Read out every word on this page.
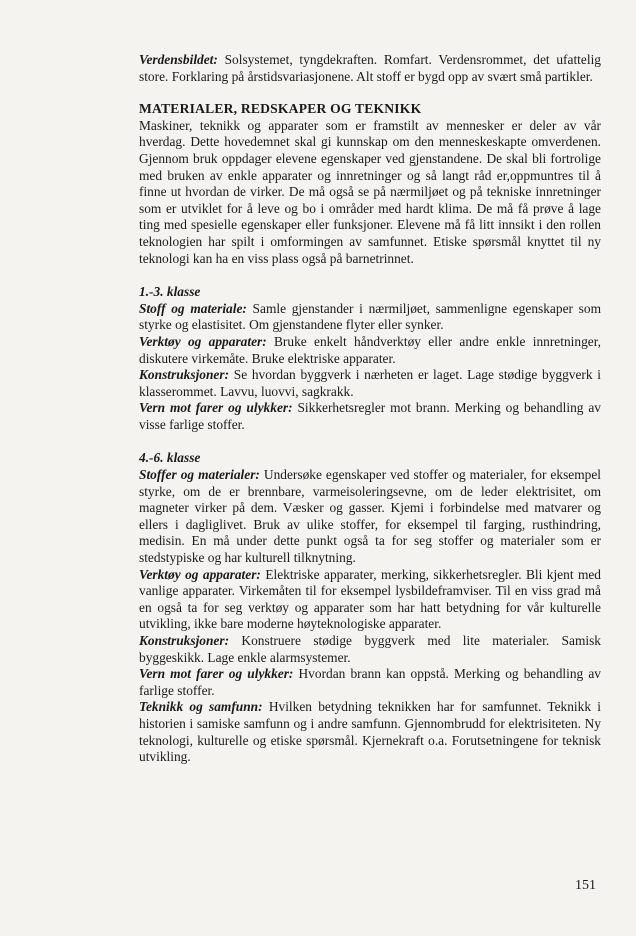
Verdensbildet: Solsystemet, tyngdekraften. Romfart. Verdensrommet, det ufattelig store. Forklaring på årstidsvariasjonene. Alt stoff er bygd opp av svært små partikler.

MATERIALER, REDSKAPER OG TEKNIKK

Maskiner, teknikk og apparater som er framstilt av mennesker er deler av vår hverdag. Dette hovedemnet skal gi kunnskap om den menneskeskapte omverdenen. Gjennom bruk oppdager elevene egenskaper ved gjenstandene. De skal bli fortrolige med bruken av enkle apparater og innretninger og så langt råd er,oppmuntres til å finne ut hvordan de virker. De må også se på nærmiljøet og på tekniske innretninger som er utviklet for å leve og bo i områder med hardt klima. De må få prøve å lage ting med spesielle egenskaper eller funksjoner. Elevene må få litt innsikt i den rollen teknologien har spilt i omformingen av samfunnet. Etiske spørsmål knyttet til ny teknologi kan ha en viss plass også på barnetrinnet.

1.-3. klasse

Stoff og materiale: Samle gjenstander i nærmiljøet, sammenligne egenskaper som styrke og elastisitet. Om gjenstandene flyter eller synker.

Verktøy og apparater: Bruke enkelt håndverktøy eller andre enkle innretninger, diskutere virkemåte. Bruke elektriske apparater.

Konstruksjoner: Se hvordan byggverk i nærheten er laget. Lage stødige byggverk i klasserommet. Lavvu, luovvi, sagkrakk.

Vern mot farer og ulykker: Sikkerhetsregler mot brann. Merking og behandling av visse farlige stoffer.

4.-6. klasse

Stoffer og materialer: Undersøke egenskaper ved stoffer og materialer, for eksempel styrke, om de er brennbare, varmeisoleringsevne, om de leder elektrisitet, om magneter virker på dem. Væsker og gasser. Kjemi i forbindelse med matvarer og ellers i dagliglivet. Bruk av ulike stoffer, for eksempel til farging, rusthindring, medisin. En må under dette punkt også ta for seg stoffer og materialer som er stedstypiske og har kulturell tilknytning.

Verktøy og apparater: Elektriske apparater, merking, sikkerhetsregler. Bli kjent med vanlige apparater. Virkemåten til for eksempel lysbildeframviser. Til en viss grad må en også ta for seg verktøy og apparater som har hatt betydning for vår kulturelle utvikling, ikke bare moderne høyteknologiske apparater.

Konstruksjoner: Konstruere stødige byggverk med lite materialer. Samisk byggeskikk. Lage enkle alarmsystemer.

Vern mot farer og ulykker: Hvordan brann kan oppstå. Merking og behandling av farlige stoffer.

Teknikk og samfunn: Hvilken betydning teknikken har for samfunnet. Teknikk i historien i samiske samfunn og i andre samfunn. Gjennombrudd for elektrisiteten. Ny teknologi, kulturelle og etiske spørsmål. Kjernekraft o.a. Forutsetningene for teknisk utvikling.

151
